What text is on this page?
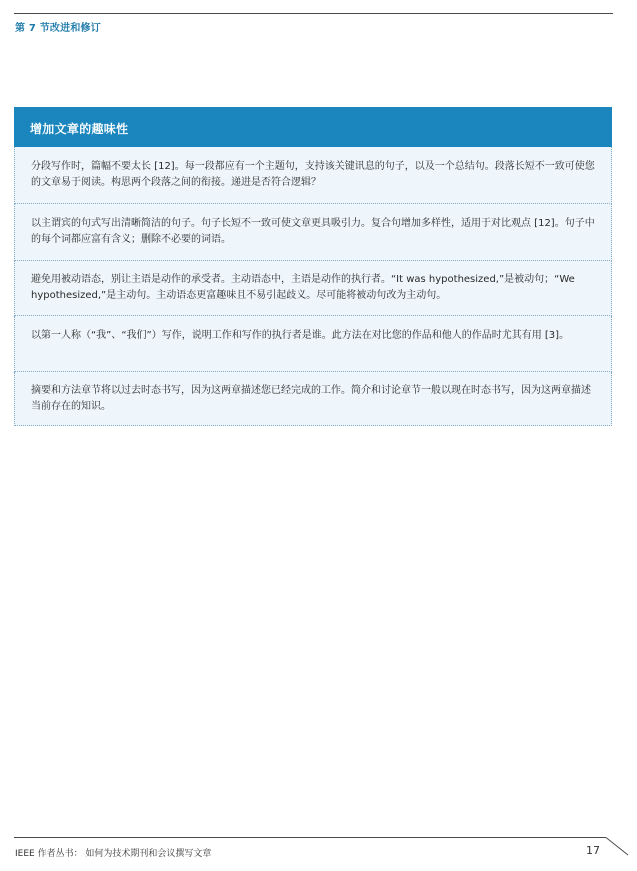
第 7 节改进和修订
增加文章的趣味性
分段写作时，篇幅不要太长 [12]。每一段都应有一个主题句，支持该关键讯息的句子，以及一个总结句。段落长短不一致可使您的文章易于阅读。构思两个段落之间的衔接。递进是否符合逻辑？
以主谓宾的句式写出清晰简洁的句子。句子长短不一致可使文章更具吸引力。复合句增加多样性，适用于对比观点 [12]。句子中的每个词都应富有含义；删除不必要的词语。
避免用被动语态，别让主语是动作的承受者。主动语态中，主语是动作的执行者。“It was hypothesized,”是被动句；“We hypothesized,”是主动句。主动语态更富趣味且不易引起歧义。尽可能将被动句改为主动句。
以第一人称（“我”、“我们”）写作，说明工作和写作的执行者是谁。此方法在对比您的作品和他人的作品时尤其有用 [3]。
摘要和方法章节将以过去时态书写，因为这两章描述您已经完成的工作。简介和讨论章节一般以现在时态书写，因为这两章描述当前存在的知识。
IEEE 作者丛书： 如何为技术期刊和会议撰写文章	17
